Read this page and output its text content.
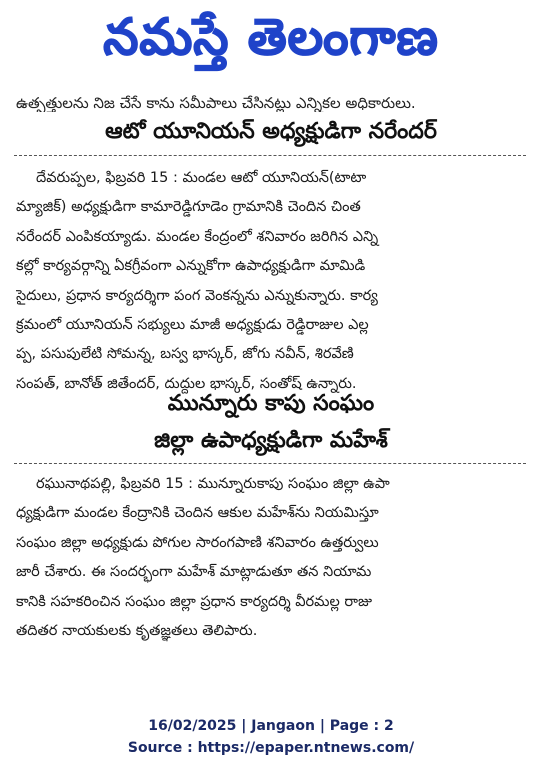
నమస్తే తెలంగాణ
ఉత్పత్తులను నిజ చేసే కాను సమీపాలు చేసినట్లు ఎన్నికల అధికారులు.
ఆటో యూనియన్ అధ్యక్షుడిగా నరేందర్

దేవరుప్పల, ఫిబ్రవరి 15 : మండల ఆటో యూనియన్(టాటా

మ్యాజిక్) అధ్యక్షుడిగా కామారెడ్డిగూడెం గ్రామానికి చెందిన చింత

నరేందర్ ఎంపికయ్యాడు. మండల కేంద్రంలో శనివారం జరిగిన ఎన్ని

కల్లో కార్యవర్గాన్ని ఏకగ్రీవంగా ఎన్నుకోగా ఉపాధ్యక్షుడిగా మామిడి

సైదులు, ప్రధాన కార్యదర్శిగా పంగ వెంకన్నను ఎన్నుకున్నారు. కార్య

క్రమంలో యూనియన్ సభ్యులు మాజీ అధ్యక్షుడు రెడ్డిరాజుల ఎల్ల

ప్ప, పసుపులేటి సోమన్న, బస్వ భాస్కర్, జోగు నవీన్, శిరవేణి

సంపత్, బానోత్ జితేందర్, దుద్దుల భాస్కర్, సంతోష్ ఉన్నారు.

మున్నూరు కాపు సంఘం
జిల్లా ఉపాధ్యక్షుడిగా మహేశ్

రఘునాథపల్లి, ఫిబ్రవరి 15 : మున్నూరుకాపు సంఘం జిల్లా ఉపా

ధ్యక్షుడిగా మండల కేంద్రానికి చెందిన ఆకుల మహేశ్‌ను నియమిస్తూ

సంఘం జిల్లా అధ్యక్షుడు పోగుల సారంగపాణి శనివారం ఉత్తర్వులు

జారీ చేశారు. ఈ సందర్భంగా మహేశ్ మాట్లాడుతూ తన నియామ

కానికి సహకరించిన సంఘం జిల్లా ప్రధాన కార్యదర్శి వీరమల్ల రాజు

తదితర నాయకులకు కృతజ్ఞతలు తెలిపారు.

16/02/2025 | Jangaon | Page : 2
Source : https://epaper.ntnews.com/
